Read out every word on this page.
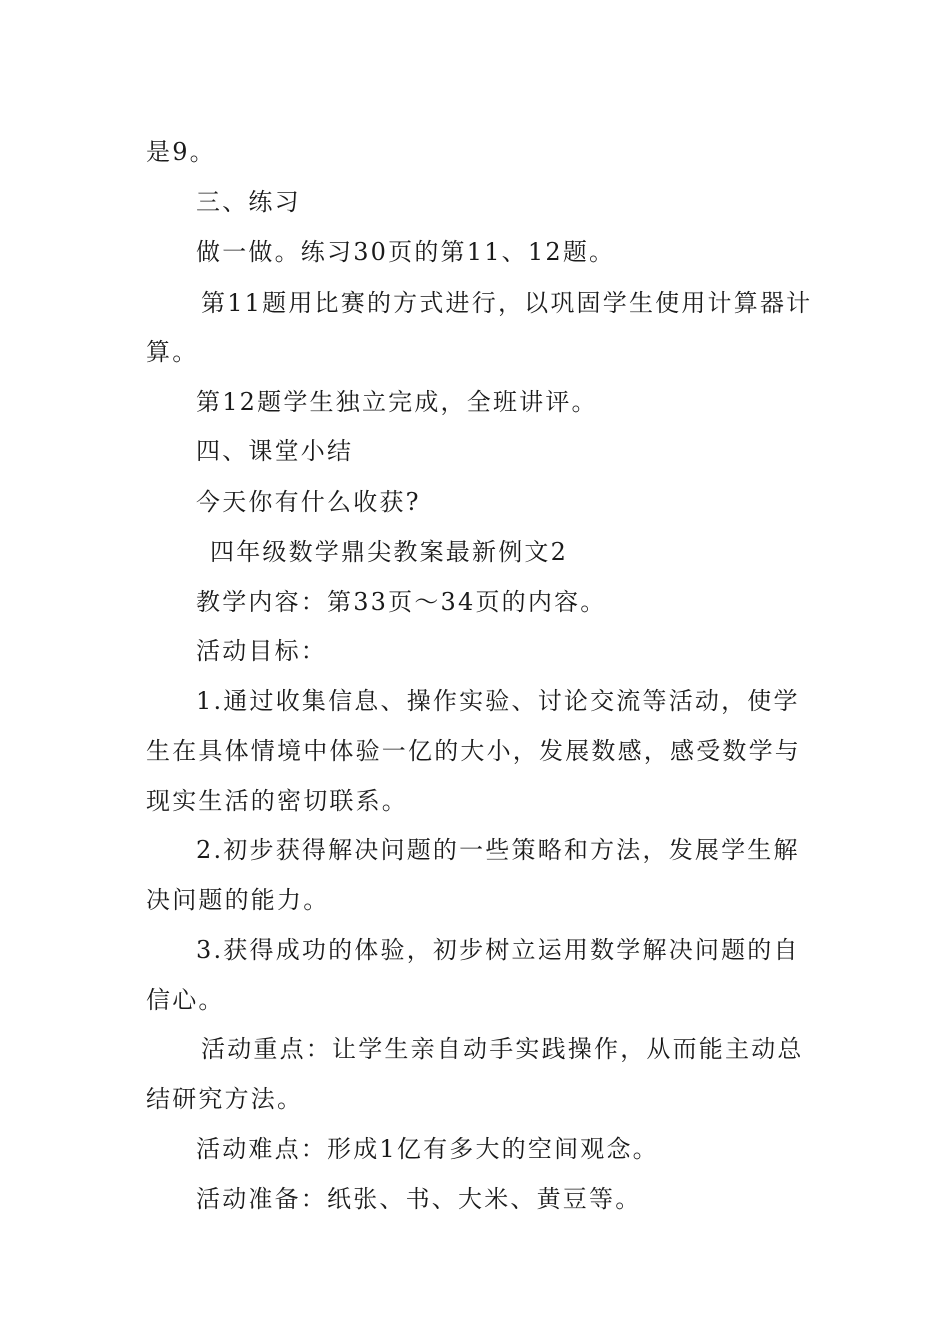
是9。
三、练习
做一做。练习30页的第11、12题。
第11题用比赛的方式进行，以巩固学生使用计算器计
算。
第12题学生独立完成，全班讲评。
四、课堂小结
今天你有什么收获?
四年级数学鼎尖教案最新例文2
教学内容：第33页～34页的内容。
活动目标：
1.通过收集信息、操作实验、讨论交流等活动，使学
生在具体情境中体验一亿的大小，发展数感，感受数学与
现实生活的密切联系。
2.初步获得解决问题的一些策略和方法，发展学生解
决问题的能力。
3.获得成功的体验，初步树立运用数学解决问题的自
信心。
活动重点：让学生亲自动手实践操作，从而能主动总
结研究方法。
活动难点：形成1亿有多大的空间观念。
活动准备：纸张、书、大米、黄豆等。
